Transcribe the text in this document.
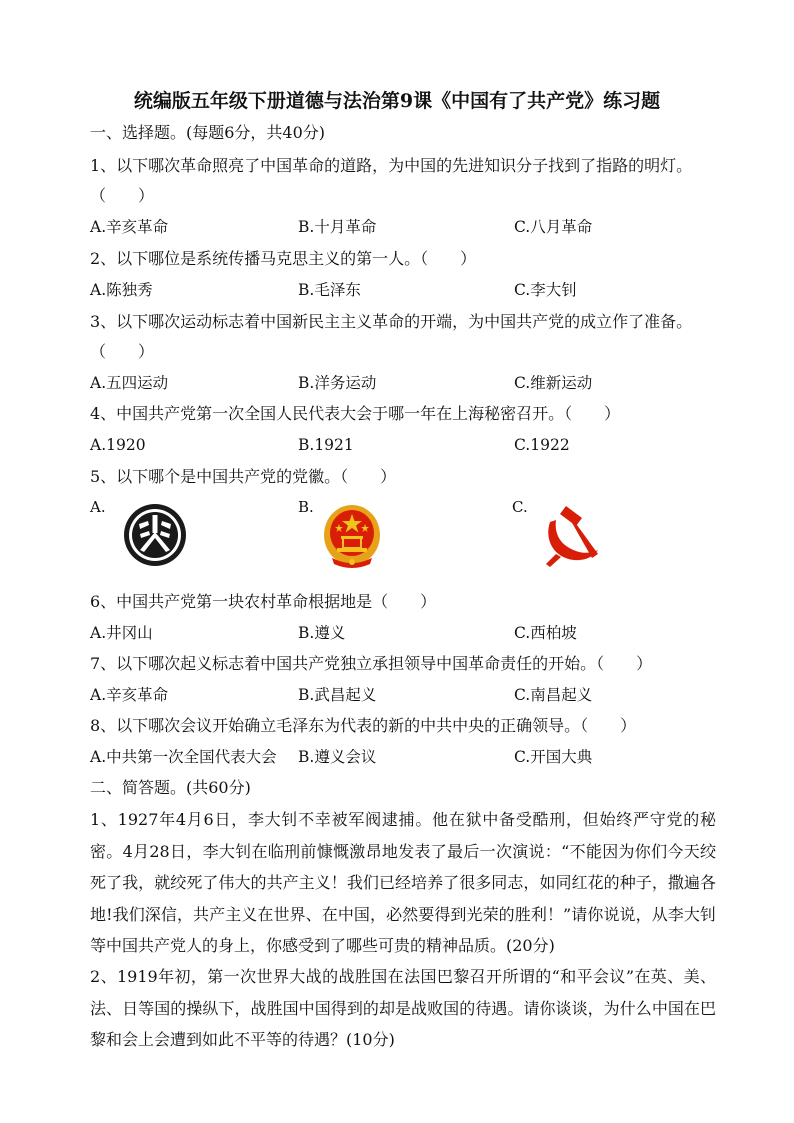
统编版五年级下册道德与法治第9课《中国有了共产党》练习题
一、选择题。(每题6分，共40分)
1、以下哪次革命照亮了中国革命的道路，为中国的先进知识分子找到了指路的明灯。
（　　）
A.辛亥革命	B.十月革命	C.八月革命
2、以下哪位是系统传播马克思主义的第一人。（　　）
A.陈独秀	B.毛泽东	C.李大钊
3、以下哪次运动标志着中国新民主主义革命的开端，为中国共产党的成立作了准备。
（　　）
A.五四运动	B.洋务运动	C.维新运动
4、中国共产党第一次全国人民代表大会于哪一年在上海秘密召开。（　　）
A.1920	B.1921	C.1922
5、以下哪个是中国共产党的党徽。（　　）
A.	B.	C.
6、中国共产党第一块农村革命根据地是（　　）
A.井冈山	B.遵义	C.西柏坡
7、以下哪次起义标志着中国共产党独立承担领导中国革命责任的开始。（　　）
A.辛亥革命	B.武昌起义	C.南昌起义
8、以下哪次会议开始确立毛泽东为代表的新的中共中央的正确领导。（　　）
A.中共第一次全国代表大会 B.遵义会议	C.开国大典
二、简答题。(共60分)
1、1927年4月6日，李大钊不幸被军阀逮捕。他在狱中备受酷刑，但始终严守党的秘密。4月28日，李大钊在临刑前慷慨激昂地发表了最后一次演说：“不能因为你们今天绞死了我，就绞死了伟大的共产主义！我们已经培养了很多同志，如同红花的种子，撒遍各地!我们深信，共产主义在世界、在中国，必然要得到光荣的胜利！”请你说说，从李大钊等中国共产党人的身上，你感受到了哪些可贵的精神品质。(20分)
2、1919年初，第一次世界大战的战胜国在法国巴黎召开所谓的“和平会议”在英、美、法、日等国的操纵下，战胜国中国得到的却是战败国的待遇。请你谈谈，为什么中国在巴黎和会上会遭到如此不平等的待遇？(10分)
